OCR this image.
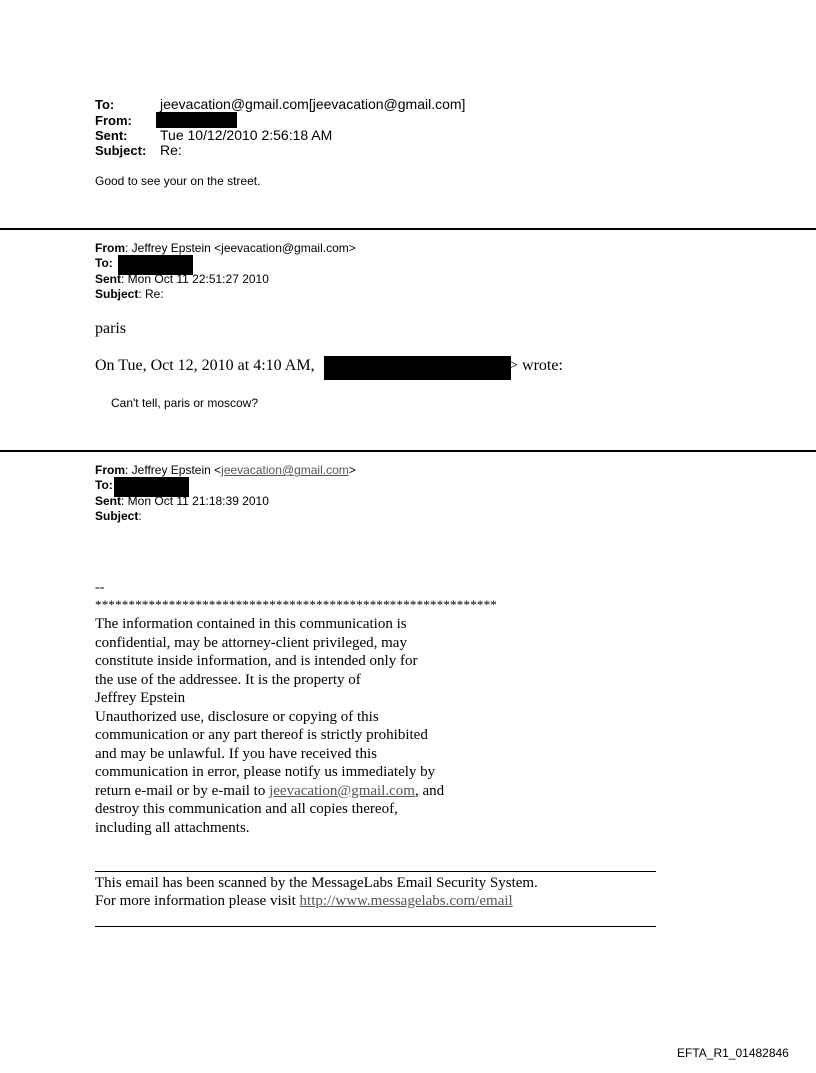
To:	jeevacation@gmail.com[jeevacation@gmail.com]
From:
Sent: Tue 10/12/2010 2:56:18 AM
Subject: Re:
Good to see your on the street.
From: Jeffrey Epstein <jeevacation@gmail.com>
To:
Sent: Mon Oct 11 22:51:27 2010
Subject: Re:
paris
On Tue, Oct 12, 2010 at 4:10 AM,	> wrote:
Can't tell, paris or moscow?
From: Jeffrey Epstein <jeevacation@gmail.com>
To:
Sent: Mon Oct 11 21:18:39 2010
Subject:
--
************************************************************
The information contained in this communication is
confidential, may be attorney-client privileged, may
constitute inside information, and is intended only for
the use of the addressee. It is the property of
Jeffrey Epstein
Unauthorized use, disclosure or copying of this
communication or any part thereof is strictly prohibited
and may be unlawful. If you have received this
communication in error, please notify us immediately by
return e-mail or by e-mail to jeevacation@gmail.com, and
destroy this communication and all copies thereof,
including all attachments.
This email has been scanned by the MessageLabs Email Security System.
For more information please visit http://www.messagelabs.com/email
EFTA_R1_01482846
